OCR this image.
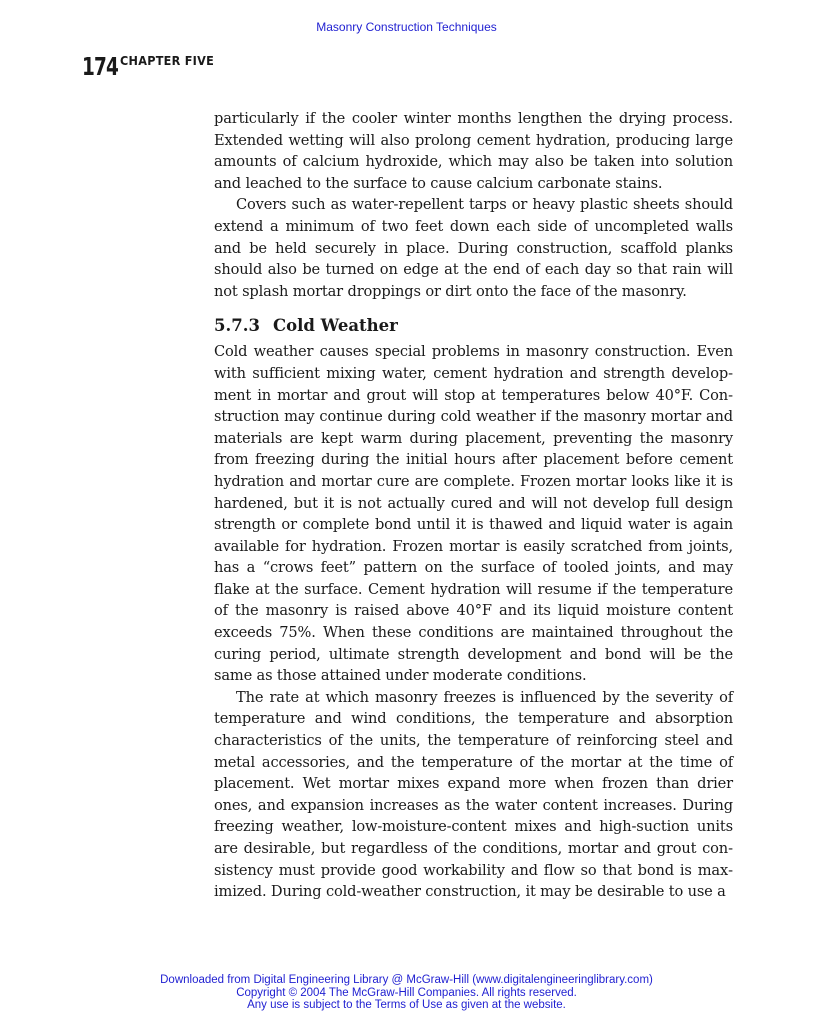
Masonry Construction Techniques
174 CHAPTER FIVE

particularly if the cooler winter months lengthen the drying process. Extended wetting will also prolong cement hydration, producing large amounts of calcium hydroxide, which may also be taken into solution and leached to the surface to cause calcium carbonate stains.

Covers such as water-repellent tarps or heavy plastic sheets should extend a minimum of two feet down each side of uncompleted walls and be held securely in place. During construction, scaffold planks should also be turned on edge at the end of each day so that rain will not splash mortar droppings or dirt onto the face of the masonry.

5.7.3 Cold Weather

Cold weather causes special problems in masonry construction. Even with sufficient mixing water, cement hydration and strength development in mortar and grout will stop at temperatures below 40°F. Construction may continue during cold weather if the masonry mortar and materials are kept warm during placement, preventing the masonry from freezing during the initial hours after placement before cement hydration and mortar cure are complete. Frozen mortar looks like it is hardened, but it is not actually cured and will not develop full design strength or complete bond until it is thawed and liquid water is again available for hydration. Frozen mortar is easily scratched from joints, has a “crows feet” pattern on the surface of tooled joints, and may flake at the surface. Cement hydration will resume if the temperature of the masonry is raised above 40°F and its liquid moisture content exceeds 75%. When these conditions are maintained throughout the curing period, ultimate strength development and bond will be the same as those attained under moderate conditions.

The rate at which masonry freezes is influenced by the severity of temperature and wind conditions, the temperature and absorption characteristics of the units, the temperature of reinforcing steel and metal accessories, and the temperature of the mortar at the time of placement. Wet mortar mixes expand more when frozen than drier ones, and expansion increases as the water content increases. During freezing weather, low-moisture-content mixes and high-suction units are desirable, but regardless of the conditions, mortar and grout consistency must provide good workability and flow so that bond is maximized. During cold-weather construction, it may be desirable to use a

Downloaded from Digital Engineering Library @ McGraw-Hill (www.digitalengineeringlibrary.com)
Copyright © 2004 The McGraw-Hill Companies. All rights reserved.
Any use is subject to the Terms of Use as given at the website.
